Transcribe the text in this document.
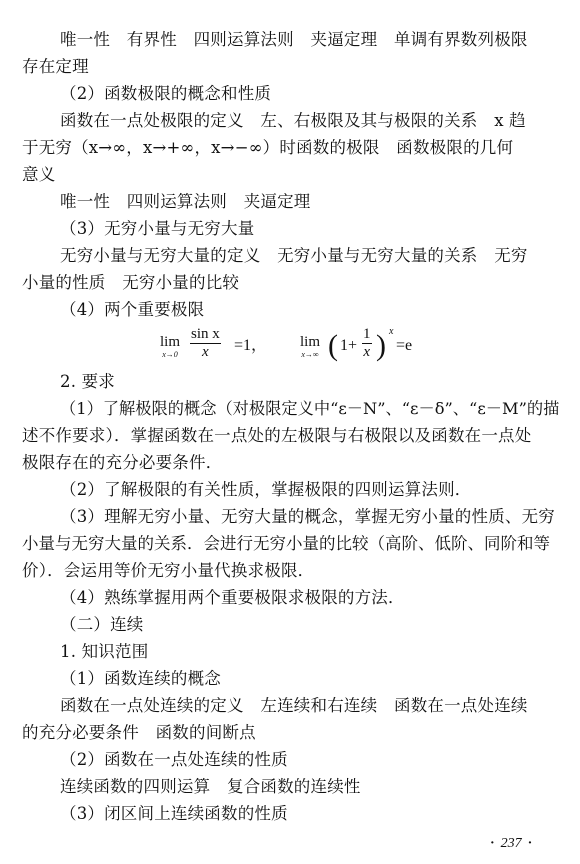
唯一性　有界性　四则运算法则　夹逼定理　单调有界数列极限
存在定理
（2）函数极限的概念和性质
函数在一点处极限的定义　左、右极限及其与极限的关系　x 趋
于无穷（x→∞，x→+∞，x→−∞）时函数的极限　函数极限的几何
意义
唯一性　四则运算法则　夹逼定理
（3）无穷小量与无穷大量
无穷小量与无穷大量的定义　无穷小量与无穷大量的关系　无穷
小量的性质　无穷小量的比较
（4）两个重要极限
lim
$x\to 0 \frac{\text{sin x}}{x} =1$， lim
x→∞ ( $1+ \frac{1}{x}$ ) x
=e
2. 要求
（1）了解极限的概念（对极限定义中“ε－N”、“ε－δ”、“ε－M”的描
述不作要求）．掌握函数在一点处的左极限与右极限以及函数在一点处
极限存在的充分必要条件．
（2）了解极限的有关性质，掌握极限的四则运算法则．
（3）理解无穷小量、无穷大量的概念，掌握无穷小量的性质、无穷
小量与无穷大量的关系．会进行无穷小量的比较（高阶、低阶、同阶和等
价）．会运用等价无穷小量代换求极限．
（4）熟练掌握用两个重要极限求极限的方法．
（二）连续
1. 知识范围
（1）函数连续的概念
函数在一点处连续的定义　左连续和右连续　函数在一点处连续
的充分必要条件　函数的间断点
（2）函数在一点处连续的性质
连续函数的四则运算　复合函数的连续性
（3）闭区间上连续函数的性质
· 237 ·
